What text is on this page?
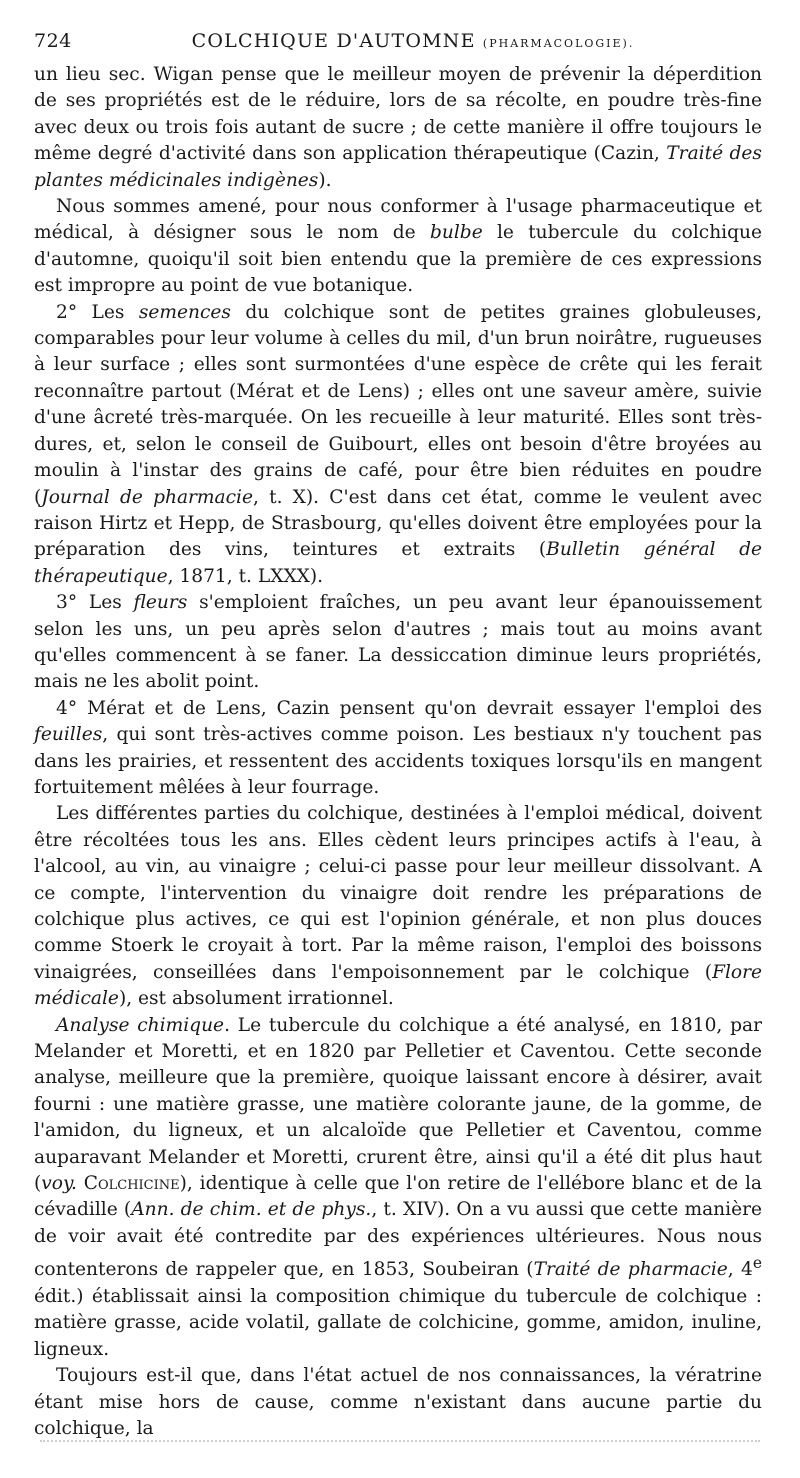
724	COLCHIQUE D'AUTOMNE (PHARMACOLOGIE).

un lieu sec. Wigan pense que le meilleur moyen de prévenir la déperdition de ses propriétés est de le réduire, lors de sa récolte, en poudre très-fine avec deux ou trois fois autant de sucre ; de cette manière il offre toujours le même degré d'activité dans son application thérapeutique (Cazin, Traité des plantes médicinales indigènes).

Nous sommes amené, pour nous conformer à l'usage pharmaceutique et médical, à désigner sous le nom de bulbe le tubercule du colchique d'automne, quoiqu'il soit bien entendu que la première de ces expressions est impropre au point de vue botanique.

2° Les semences du colchique sont de petites graines globuleuses, comparables pour leur volume à celles du mil, d'un brun noirâtre, rugueuses à leur surface ; elles sont surmontées d'une espèce de crête qui les ferait reconnaître partout (Mérat et de Lens) ; elles ont une saveur amère, suivie d'une âcreté très-marquée. On les recueille à leur maturité. Elles sont très-dures, et, selon le conseil de Guibourt, elles ont besoin d'être broyées au moulin à l'instar des grains de café, pour être bien réduites en poudre (Journal de pharmacie, t. X). C'est dans cet état, comme le veulent avec raison Hirtz et Hepp, de Strasbourg, qu'elles doivent être employées pour la préparation des vins, teintures et extraits (Bulletin général de thérapeutique, 1871, t. LXXX).

3° Les fleurs s'emploient fraîches, un peu avant leur épanouissement selon les uns, un peu après selon d'autres ; mais tout au moins avant qu'elles commencent à se faner. La dessiccation diminue leurs propriétés, mais ne les abolit point.

4° Mérat et de Lens, Cazin pensent qu'on devrait essayer l'emploi des feuilles, qui sont très-actives comme poison. Les bestiaux n'y touchent pas dans les prairies, et ressentent des accidents toxiques lorsqu'ils en mangent fortuitement mêlées à leur fourrage.

Les différentes parties du colchique, destinées à l'emploi médical, doivent être récoltées tous les ans. Elles cèdent leurs principes actifs à l'eau, à l'alcool, au vin, au vinaigre ; celui-ci passe pour leur meilleur dissolvant. A ce compte, l'intervention du vinaigre doit rendre les préparations de colchique plus actives, ce qui est l'opinion générale, et non plus douces comme Stoerk le croyait à tort. Par la même raison, l'emploi des boissons vinaigrées, conseillées dans l'empoisonnement par le colchique (Flore médicale), est absolument irrationnel.

Analyse chimique. Le tubercule du colchique a été analysé, en 1810, par Melander et Moretti, et en 1820 par Pelletier et Caventou. Cette seconde analyse, meilleure que la première, quoique laissant encore à désirer, avait fourni : une matière grasse, une matière colorante jaune, de la gomme, de l'amidon, du ligneux, et un alcaloïde que Pelletier et Caventou, comme auparavant Melander et Moretti, crurent être, ainsi qu'il a été dit plus haut (voy. Colchicine), identique à celle que l'on retire de l'ellébore blanc et de la cévadille (Ann. de chim. et de phys., t. XIV). On a vu aussi que cette manière de voir avait été contredite par des expériences ultérieures. Nous nous contenterons de rappeler que, en 1853, Soubeiran (Traité de pharmacie, 4e édit.) établissait ainsi la composition chimique du tubercule de colchique : matière grasse, acide volatil, gallate de colchicine, gomme, amidon, inuline, ligneux.

Toujours est-il que, dans l'état actuel de nos connaissances, la vératrine étant mise hors de cause, comme n'existant dans aucune partie du colchique, la
